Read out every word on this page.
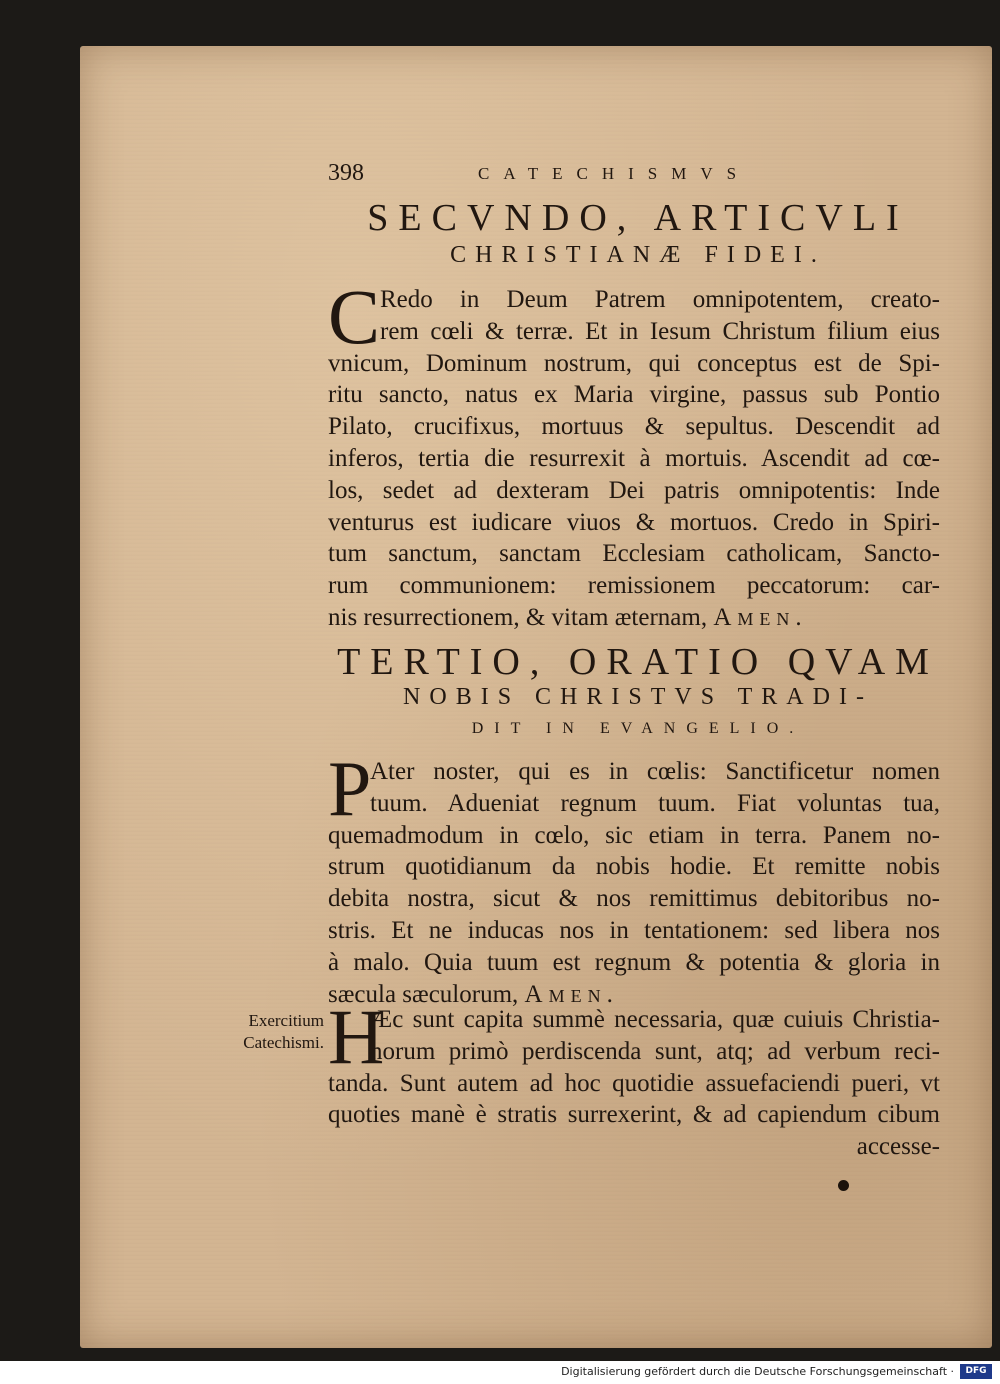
398	CATECHISMVS
SECVNDO, ARTICVLI
CHRISTIANÆ FIDEI.
C Redo in Deum Patrem omnipotentem, creato-
rem cœli & terræ. Et in Iesum Christum filium eius
vnicum, Dominum nostrum, qui conceptus est de Spi-
ritu sancto, natus ex Maria virgine, passus sub Pontio
Pilato, crucifixus, mortuus & sepultus. Descendit ad
inferos, tertia die resurrexit à mortuis. Ascendit ad cœ-
los, sedet ad dexteram Dei patris omnipotentis: Inde
venturus est iudicare viuos & mortuos. Credo in Spiri-
tum sanctum, sanctam Ecclesiam catholicam, Sancto-
rum communionem: remissionem peccatorum: car-
nis resurrectionem, & vitam æternam, Amen.
TERTIO, ORATIO QVAM
NOBIS CHRISTVS TRADI-
DIT IN EVANGELIO.
P
Ater noster, qui es in cœlis: Sanctificetur nomen
tuum. Adueniat regnum tuum. Fiat voluntas tua,
quemadmodum in cœlo, sic etiam in terra. Panem no-
strum quotidianum da nobis hodie. Et remitte nobis
debita nostra, sicut & nos remittimus debitoribus no-
stris. Et ne inducas nos in tentationem: sed libera nos
à malo. Quia tuum est regnum & potentia & gloria in
sæcula sæculorum, Amen.
Exercitium
Catechismi. H
Æc sunt capita summè necessaria, quæ cuiuis Christia-
norum primò perdiscenda sunt, atq; ad verbum reci-
tanda. Sunt autem ad hoc quotidie assuefaciendi pueri, vt
quoties manè è stratis surrexerint, & ad capiendum cibum
accesse-
Digitalisierung gefördert durch die Deutsche Forschungsgemeinschaft ·	DFG
